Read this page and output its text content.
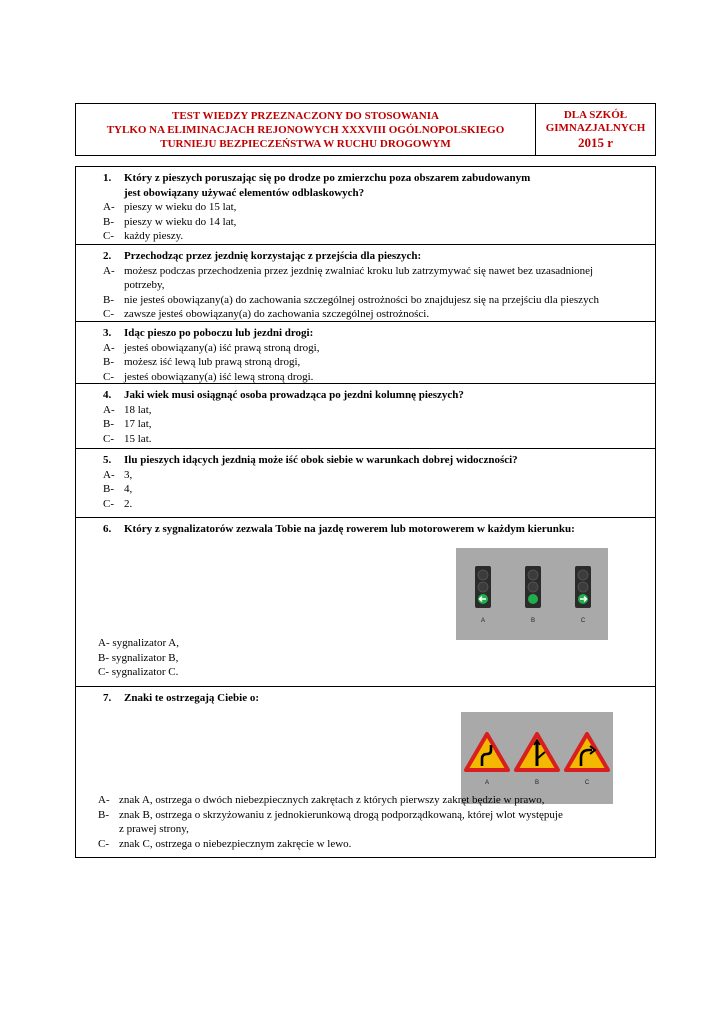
TEST WIEDZY PRZEZNACZONY DO STOSOWANIA
TYLKO NA ELIMINACJACH REJONOWYCH XXXVIII OGÓLNOPOLSKIEGO
TURNIEJU BEZPIECZEŃSTWA W RUCHU DROGOWYM
DLA SZKÓŁ
GIMNAZJALNYCH
2015 r
1. Który z pieszych poruszając się po drodze po zmierzchu poza obszarem zabudowanym
jest obowiązany używać elementów odblaskowych?
A- pieszy w wieku do 15 lat,
B- pieszy w wieku do 14 lat,
C- każdy pieszy.
2. Przechodząc przez jezdnię korzystając z przejścia dla pieszych:
A- możesz podczas przechodzenia przez jezdnię zwalniać kroku lub zatrzymywać się nawet bez uzasadnionej
potrzeby,
B- nie jesteś obowiązany(a) do zachowania szczególnej ostrożności bo znajdujesz się na przejściu dla pieszych
C- zawsze jesteś obowiązany(a) do zachowania szczególnej ostrożności.
3. Idąc pieszo po poboczu lub jezdni drogi:
A- jesteś obowiązany(a) iść prawą stroną drogi,
B- możesz iść lewą lub prawą stroną drogi,
C- jesteś obowiązany(a) iść lewą stroną drogi.
4. Jaki wiek musi osiągnąć osoba prowadząca po jezdni kolumnę pieszych?
A- 18 lat,
B- 17 lat,
C- 15 lat.
5. Ilu pieszych idących jezdnią może iść obok siebie w warunkach dobrej widoczności?
A- 3,
B- 4,
C- 2.
6. Który z sygnalizatorów zezwala Tobie na jazdę rowerem lub motorowerem w każdym kierunku:
A	B	C
A- sygnalizator A,
B- sygnalizator B,
C- sygnalizator C.
7. Znaki te ostrzegają Ciebie o:
A	B	C
A- znak A, ostrzega o dwóch niebezpiecznych zakrętach z których pierwszy zakręt będzie w prawo,
B- znak B, ostrzega o skrzyżowaniu z jednokierunkową drogą podporządkowaną, której wlot występuje
z prawej strony,
C- znak C, ostrzega o niebezpiecznym zakręcie w lewo.
